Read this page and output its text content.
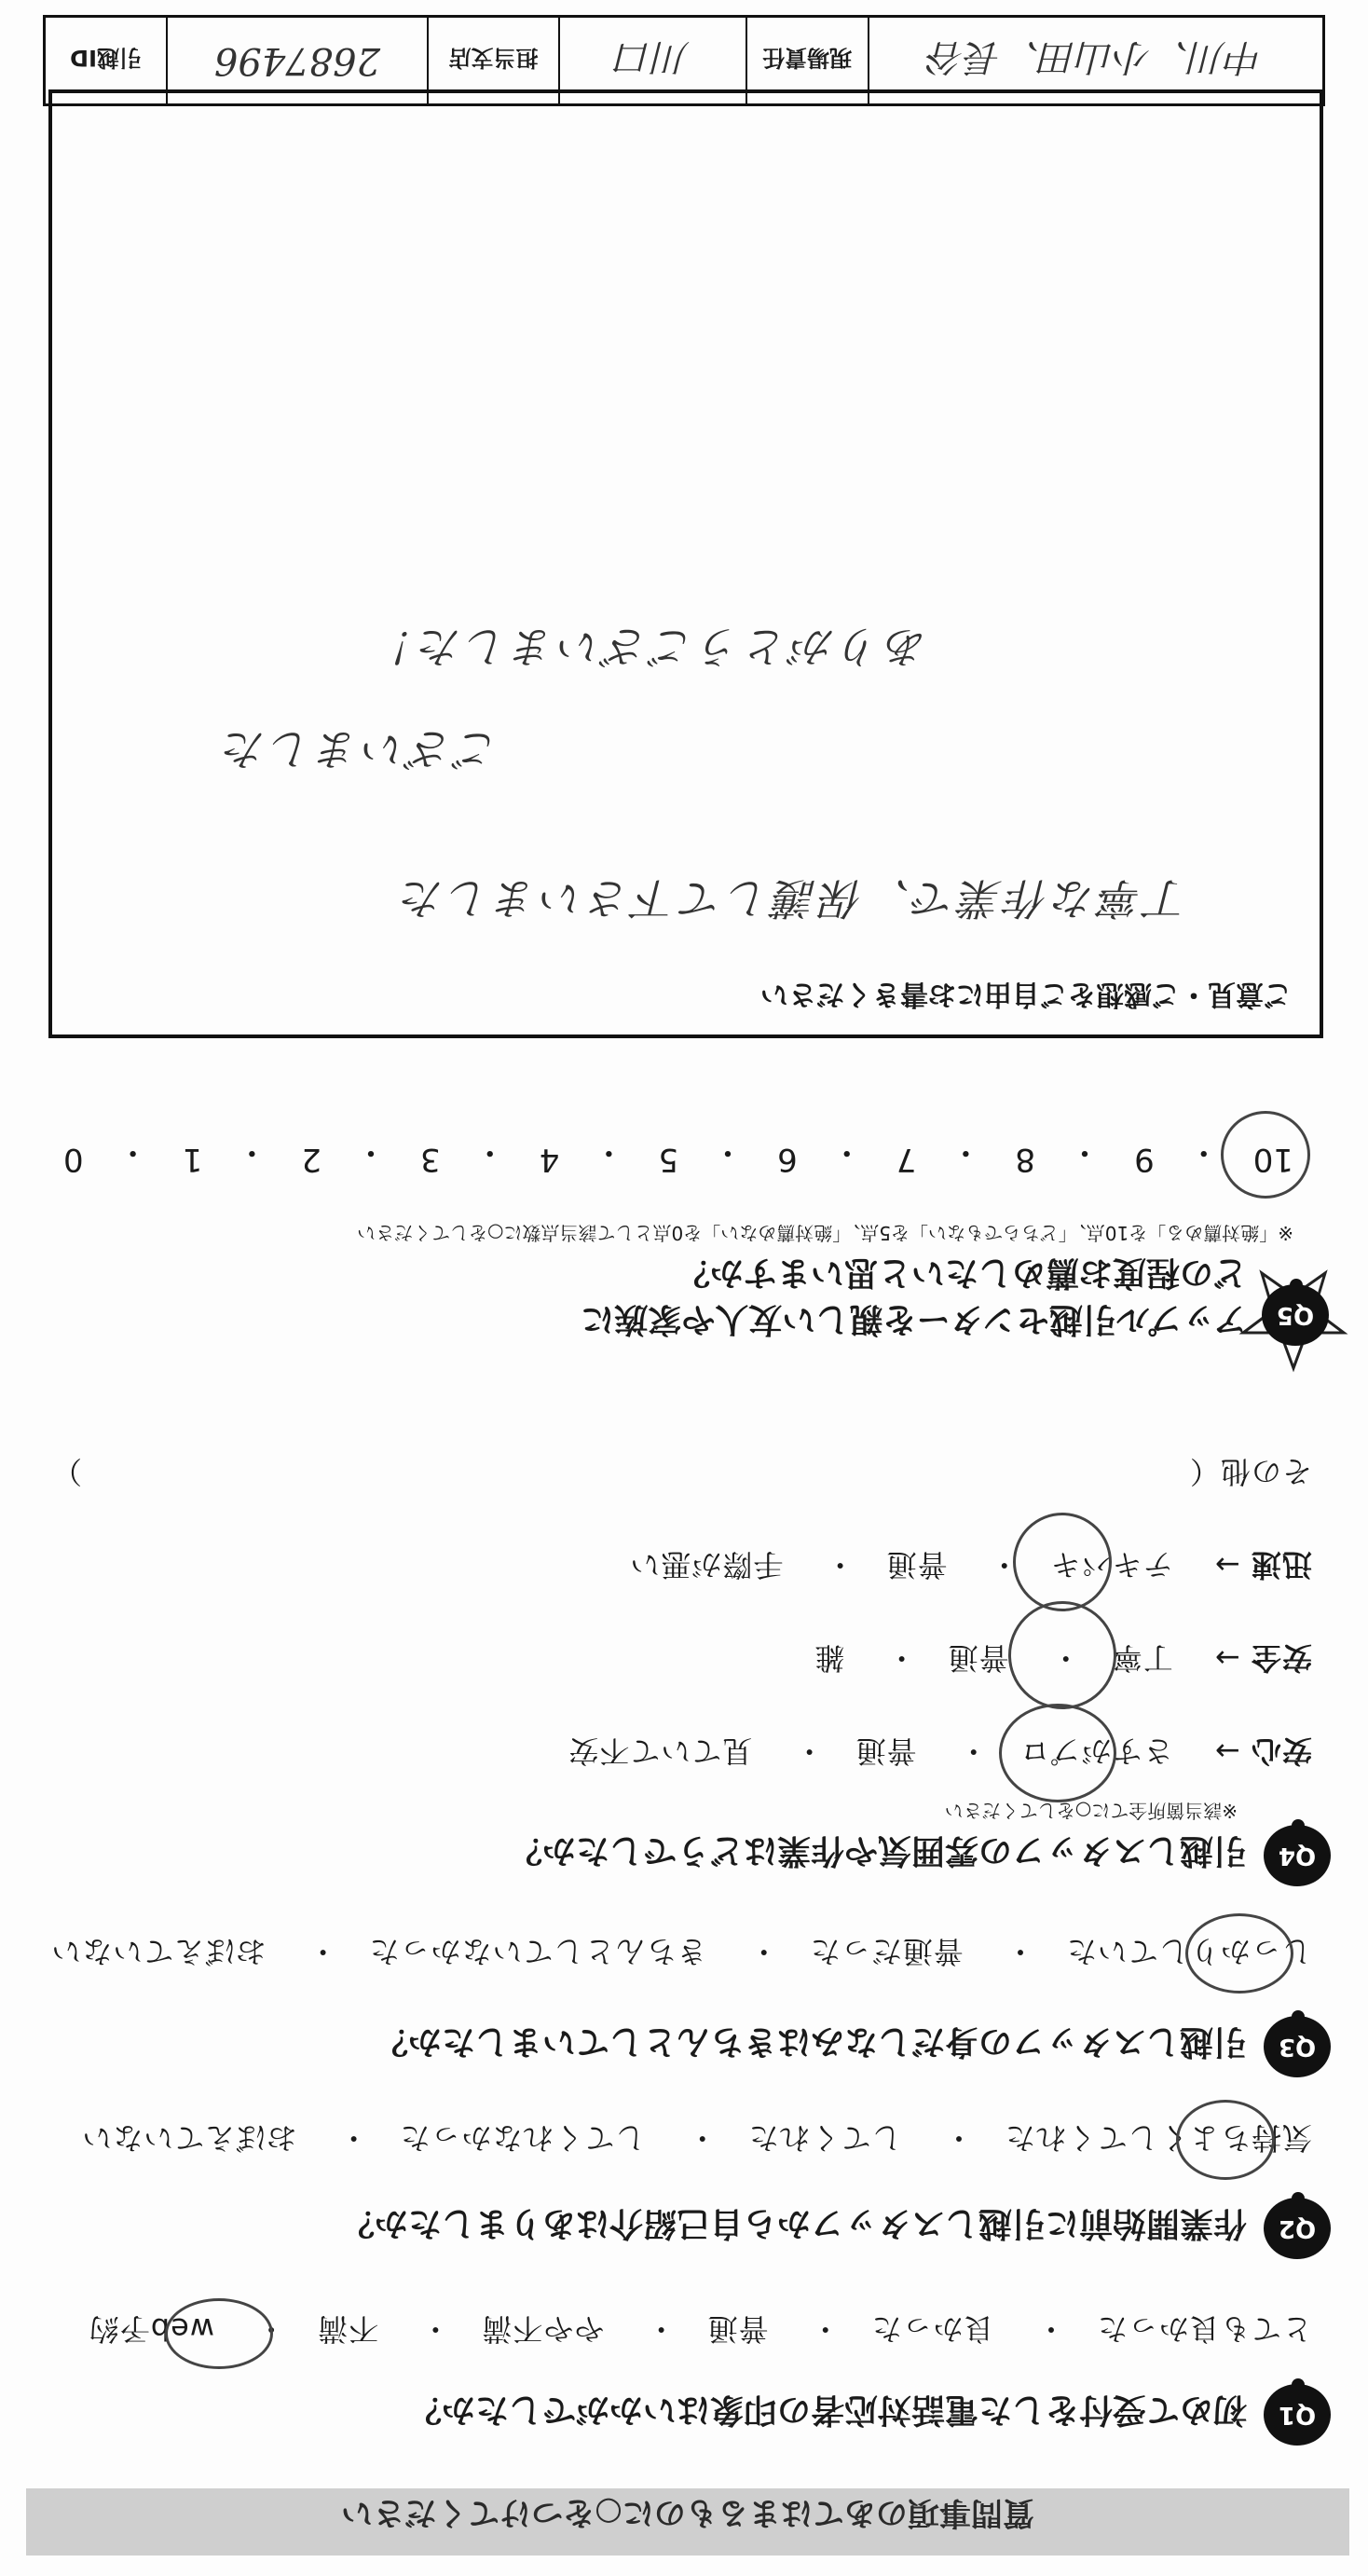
質問事項のあてはまるものに○をつけてください
Q1
初めて受付をした電話対応者の印象はいかがでしたか？
とても良かった　・　 良かった　・　 普通　・　 やや不満　・　 不満　・　 web予約
Q2
作業開始前に引越しスタッフから自己紹介はありましたか？
気持ちよくしてくれた　・　 してくれた　・　 してくれなかった　・　 おぼえていない
Q3
引越しスタッフの身だしなみはきちんとしていましたか？
しっかりしていた　・　 普通だった　・　 きちんとしていなかった　・　 おぼえていない
Q4
引越しスタッフの雰囲気や作業はどうでしたか？
※該当箇所全てに○をしてください
安心 →　 さすがプロ　・　 普通　・　 見ていて不安
安全 →　 丁寧　・　 普通　・　 雑
迅速 →　 テキパキ　・　 普通　・　 手際が悪い
その他（
）
Q5
アップル引越センターを親しい友人や家族に
どの程度お薦めしたいと思いますか？
※「絶対薦める」を10点、「どちらでもない」を5点、「絶対薦めない」を0点として該当点数に○をしてください
10
・
9
・
8
・
7
・
6
・
5
・
4
・
3
・
2
・
1
・
0
ご意見・ご感想をご自由にお書きください
丁寧な作業で、保護して下さいました
ございました
ありがとうございました！
中川、小山田、長谷
現場責任
川口
担当支店
2687496
引越ID
